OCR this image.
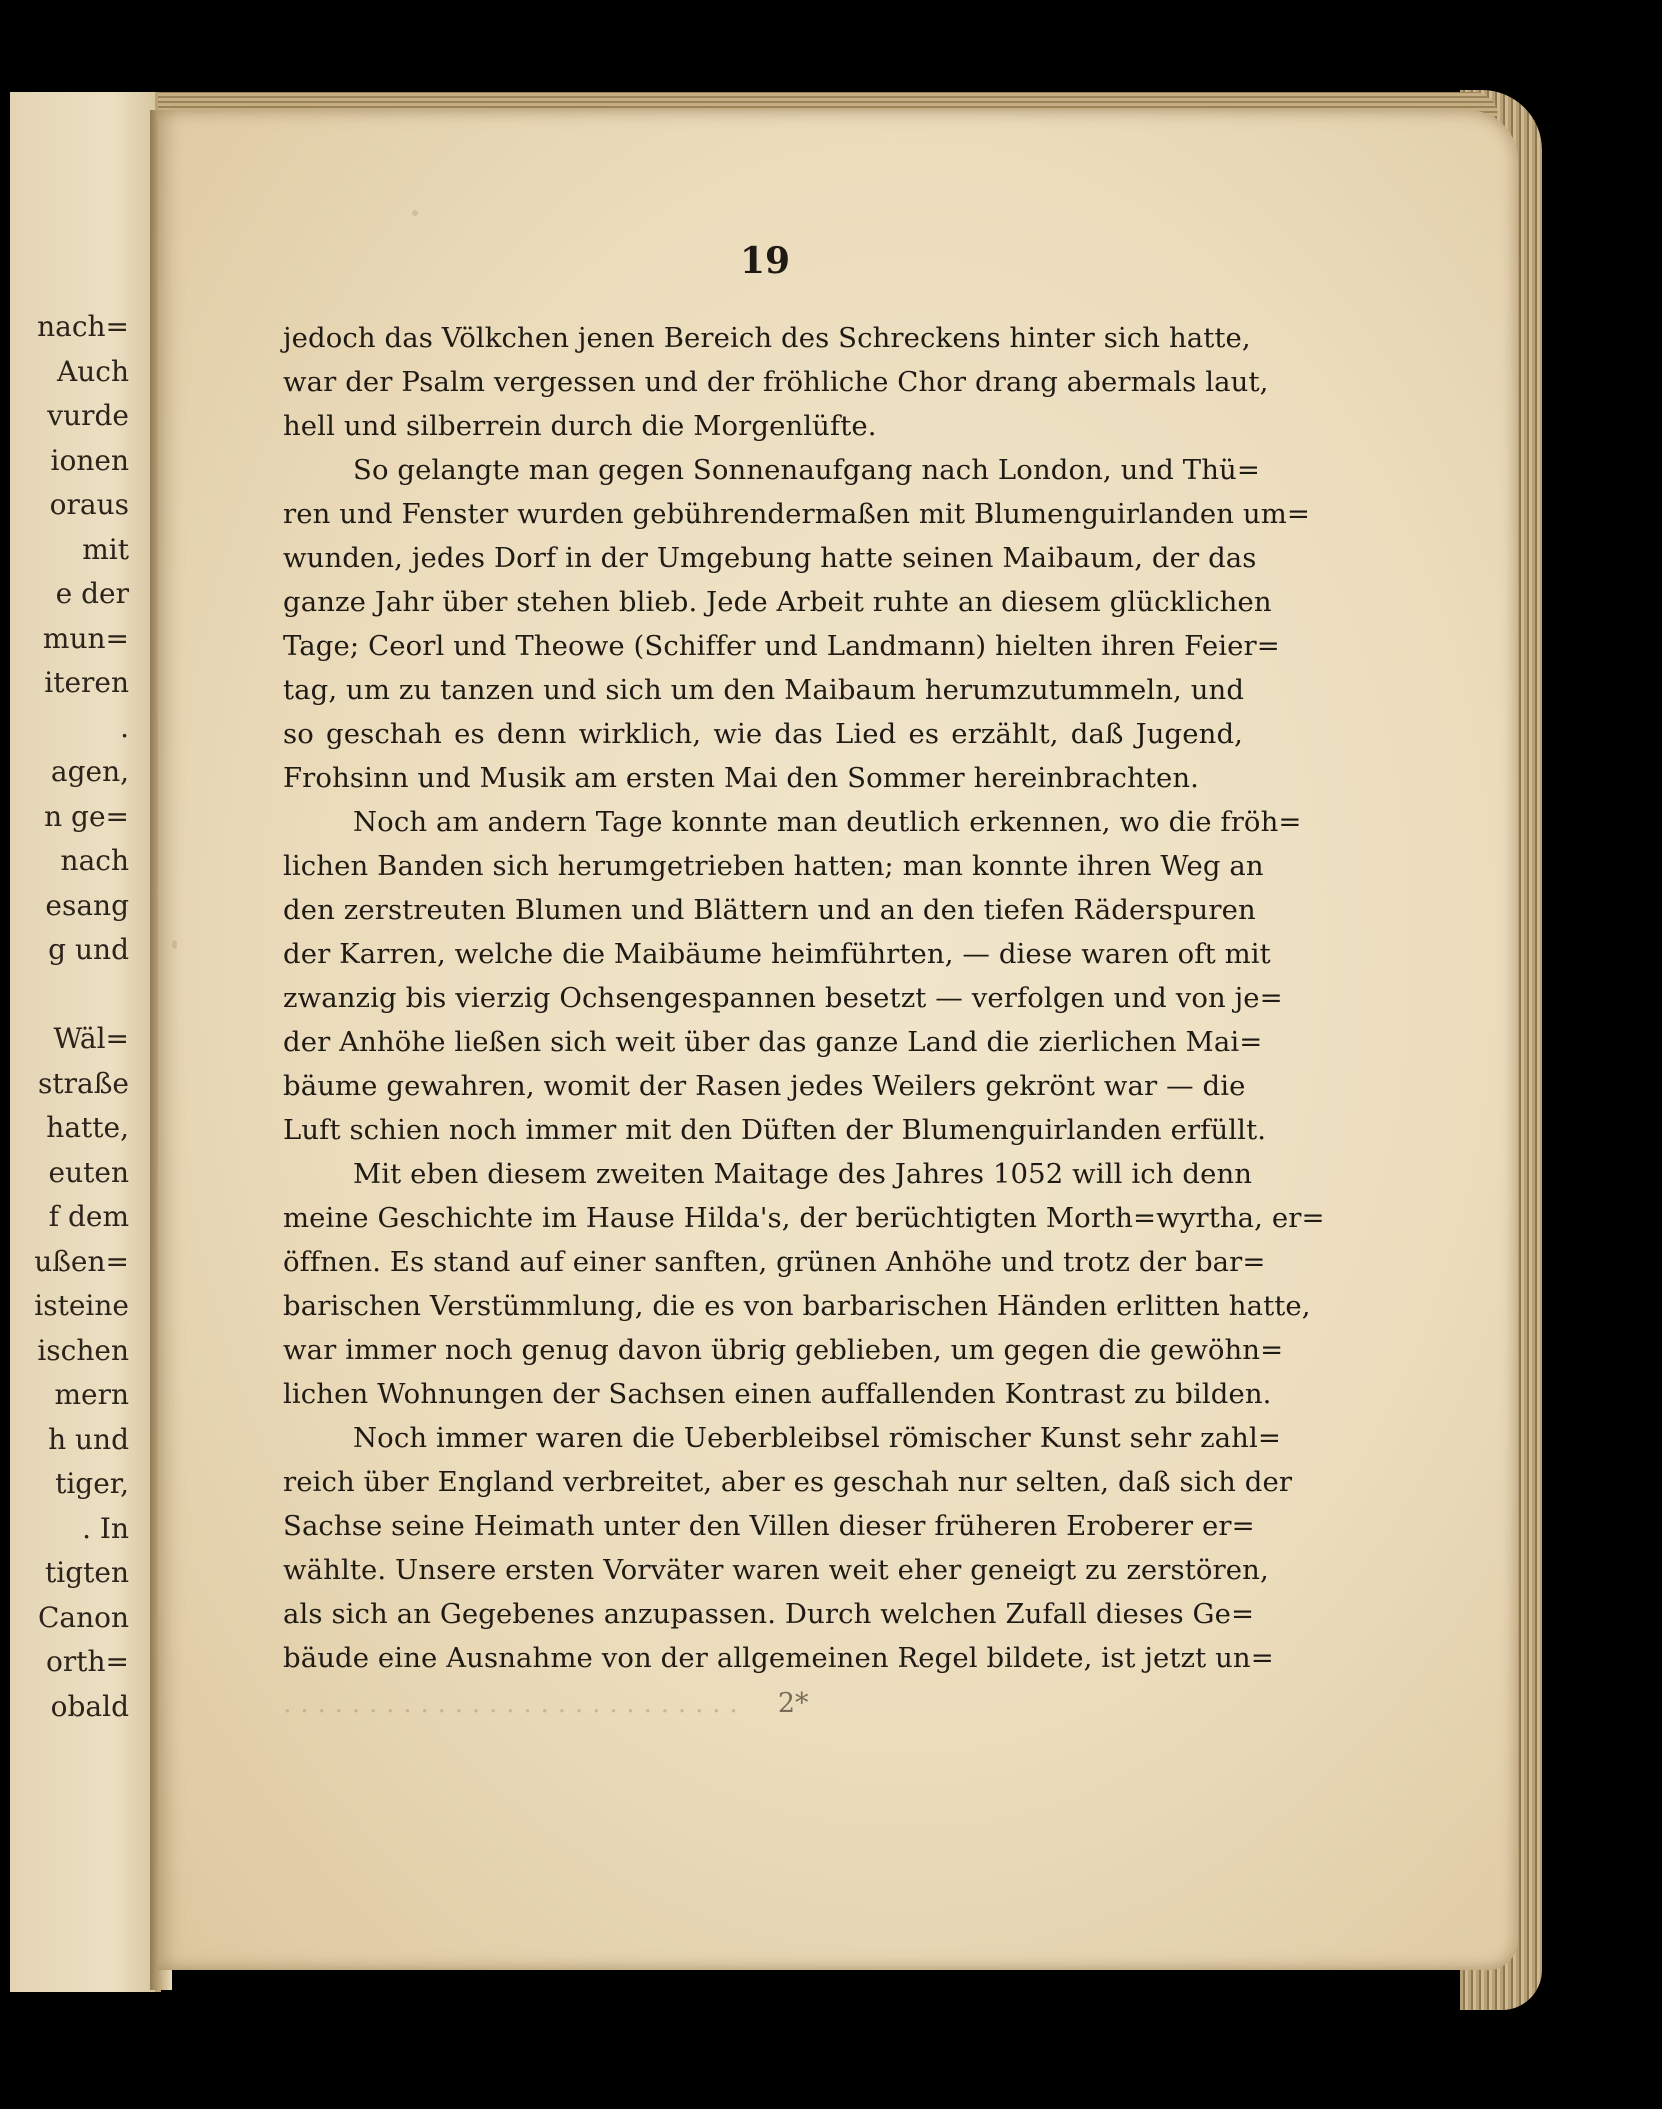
nach=
Auch
vurde
ionen
oraus
mit
e der
mun=
iteren
.
agen,
n ge=
nach
esang
g und
Wäl=
straße
hatte,
euten
f dem
ußen=
isteine
ischen
mern
h und
tiger,
. In
tigten
Canon
orth=
obald
19
jedoch das Völkchen jenen Bereich des Schreckens hinter sich hatte,
war der Psalm vergessen und der fröhliche Chor drang abermals laut,
hell und silberrein durch die Morgenlüfte.
So gelangte man gegen Sonnenaufgang nach London, und Thü=
ren und Fenster wurden gebührendermaßen mit Blumenguirlanden um=
wunden, jedes Dorf in der Umgebung hatte seinen Maibaum, der das
ganze Jahr über stehen blieb. Jede Arbeit ruhte an diesem glücklichen
Tage; Ceorl und Theowe (Schiffer und Landmann) hielten ihren Feier=
tag, um zu tanzen und sich um den Maibaum herumzutummeln, und
so geschah es denn wirklich, wie das Lied es erzählt, daß Jugend,
Frohsinn und Musik am ersten Mai den Sommer hereinbrachten.
Noch am andern Tage konnte man deutlich erkennen, wo die fröh=
lichen Banden sich herumgetrieben hatten; man konnte ihren Weg an
den zerstreuten Blumen und Blättern und an den tiefen Räderspuren
der Karren, welche die Maibäume heimführten, — diese waren oft mit
zwanzig bis vierzig Ochsengespannen besetzt — verfolgen und von je=
der Anhöhe ließen sich weit über das ganze Land die zierlichen Mai=
bäume gewahren, womit der Rasen jedes Weilers gekrönt war — die
Luft schien noch immer mit den Düften der Blumenguirlanden erfüllt.
Mit eben diesem zweiten Maitage des Jahres 1052 will ich denn
meine Geschichte im Hause Hilda's, der berüchtigten Morth=wyrtha, er=
öffnen. Es stand auf einer sanften, grünen Anhöhe und trotz der bar=
barischen Verstümmlung, die es von barbarischen Händen erlitten hatte,
war immer noch genug davon übrig geblieben, um gegen die gewöhn=
lichen Wohnungen der Sachsen einen auffallenden Kontrast zu bilden.
Noch immer waren die Ueberbleibsel römischer Kunst sehr zahl=
reich über England verbreitet, aber es geschah nur selten, daß sich der
Sachse seine Heimath unter den Villen dieser früheren Eroberer er=
wählte. Unsere ersten Vorväter waren weit eher geneigt zu zerstören,
als sich an Gegebenes anzupassen. Durch welchen Zufall dieses Ge=
bäude eine Ausnahme von der allgemeinen Regel bildete, ist jetzt un=
. . . . . . . . . . . . . . . . . . . . . . . . . . . 2*
